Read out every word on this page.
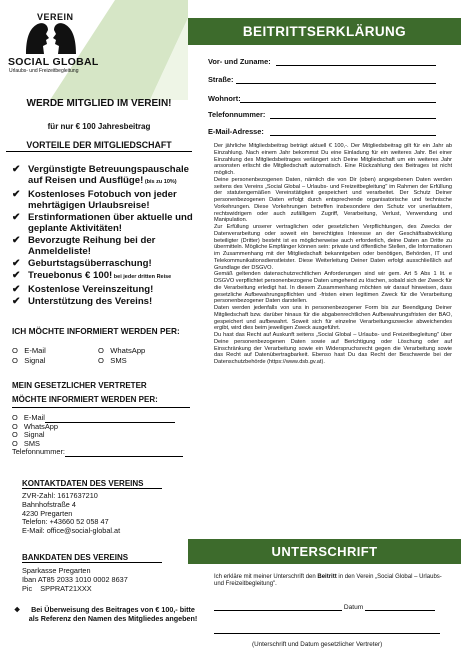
VEREIN
SOCIAL GLOBAL
Urlaubs- und Freizeitbegleitung
WERDE MITGLIED IM VEREIN!
für nur € 100 Jahresbeitrag
VORTEILE DER MITGLIEDSCHAFT
✔ Vergünstigte Betreuungspauschale auf Reisen und Ausflüge! (bis zu 10%)
✔ Kostenloses Fotobuch von jeder mehrtägigen Urlaubsreise!
✔ Erstinformationen über aktuelle und geplante Aktivitäten!
✔ Bevorzugte Reihung bei der Anmeldeliste!
✔ Geburtstagsüberraschung!
✔ Treuebonus € 100! bei jeder dritten Reise
✔ Kostenlose Vereinszeitung!
✔ Unterstützung des Vereins!
ICH MÖCHTE INFORMIERT WERDEN PER:
O   E-Mail	O   WhatsApp
O   Signal	O   SMS
MEIN GESETZLICHER VERTRETER
MÖCHTE INFORMIERT WERDEN PER:
O   E-Mail
O   WhatsApp
O   Signal
O   SMS
Telefonnummer:
KONTAKTDATEN DES VEREINS
ZVR-Zahl: 1617637210
Bahnhofstraße 4
4230 Pregarten
Telefon: +43660 52 058 47
E-Mail: office@social-global.at
BANKDATEN DES VEREINS
Sparkasse Pregarten
Iban AT85 2033 1010 0002 8637
Pic    SPPRAT21XXX
❖ Bei Überweisung des Beitrages von € 100,- bitte als Referenz den Namen des Mitgliedes angeben!
BEITRITTSERKLÄRUNG
Vor- und Zuname:
Straße:
Wohnort:
Telefonnummer:
E-Mail-Adresse:

Der jährliche Mitgliedsbeitrag beträgt aktuell € 100,-. Der Mitgliedsbeitrag gilt für ein Jahr ab Einzahlung. Nach einem Jahr bekommst Du eine Einladung für ein weiteres Jahr. Bei einer Einzahlung des Mitgliedsbeitrages verlängert sich Deine Mitgliedschaft um ein weiteres Jahr ansonsten erlischt die Mitgliedschaft automatisch. Eine Rückzahlung des Beitrages ist nicht möglich.

Deine personenbezogenen Daten, nämlich die von Dir (oben) angegebenen Daten werden seitens des Vereins „Social Global – Urlaubs- und Freizeitbegleitung" im Rahmen der Erfüllung der statutengemäßen Vereinstätigkeit gespeichert und verarbeitet. Der Schutz Deiner personenbezogenen Daten erfolgt durch entsprechende organisatorische und technische Vorkehrungen. Diese Vorkehrungen betreffen insbesondere den Schutz vor unerlaubtem, rechtswidrigem oder auch zufälligem Zugriff, Verarbeitung, Verlust, Verwendung und Manipulation.

Zur Erfüllung unserer vertraglichen oder gesetzlichen Verpflichtungen, des Zwecks der Datenverarbeitung oder soweit ein berechtigtes Interesse an der Geschäftsabwicklung beteiligter (Dritter) besteht ist es möglicherweise auch erforderlich, deine Daten an Dritte zu übermitteln. Mögliche Empfänger können sein: private und öffentliche Stellen, die Informationen im Zusammenhang mit der Mitgliedschaft bekanntgeben oder benötigen, Behörden, IT und Telekommunikationsdienstleister. Diese Weiterleitung Deiner Daten erfolgt ausschließlich auf Grundlage der DSGVO.

Gemäß geltenden datenschutzrechtlichen Anforderungen sind wir gem. Art 5 Abs 1 lit. e DSGVO verpflichtet personenbezogene Daten umgehend zu löschen, sobald sich der Zweck für die Verarbeitung erledigt hat. In diesem Zusammenhang möchten wir darauf hinweisen, dass gesetzliche Aufbewahrungspflichten und -fristen einen legitimen Zweck für die Verarbeitung personenbezogener Daten darstellen.

Daten werden jedenfalls von uns in personenbezogener Form bis zur Beendigung Deiner Mitgliedschaft bzw. darüber hinaus für die abgabenrechtlichen Aufbewahrungsfristen der BAO, gespeichert und aufbewahrt. Soweit sich für einzelne Verarbeitungszwecke abweichendes ergibt, wird dies beim jeweiligen Zweck ausgeführt.

Du hast das Recht auf Auskunft seitens „Social Global – Urlaubs- und Freizeitbegleitung" über Deine personenbezogenen Daten sowie auf Berichtigung oder Löschung oder auf Einschränkung der Verarbeitung sowie ein Widerspruchsrecht gegen die Verarbeitung sowie das Recht auf Datenübertragbarkeit. Ebenso hast Du das Recht der Beschwerde bei der Datenschutzbehörde (https://www.dsb.gv.at).

UNTERSCHRIFT
Ich erkläre mit meiner Unterschrift den Beitritt in den Verein „Social Global – Urlaubs- und Freizeitbegleitung".
Datum
(Unterschrift und Datum gesetzlicher Vertreter)
